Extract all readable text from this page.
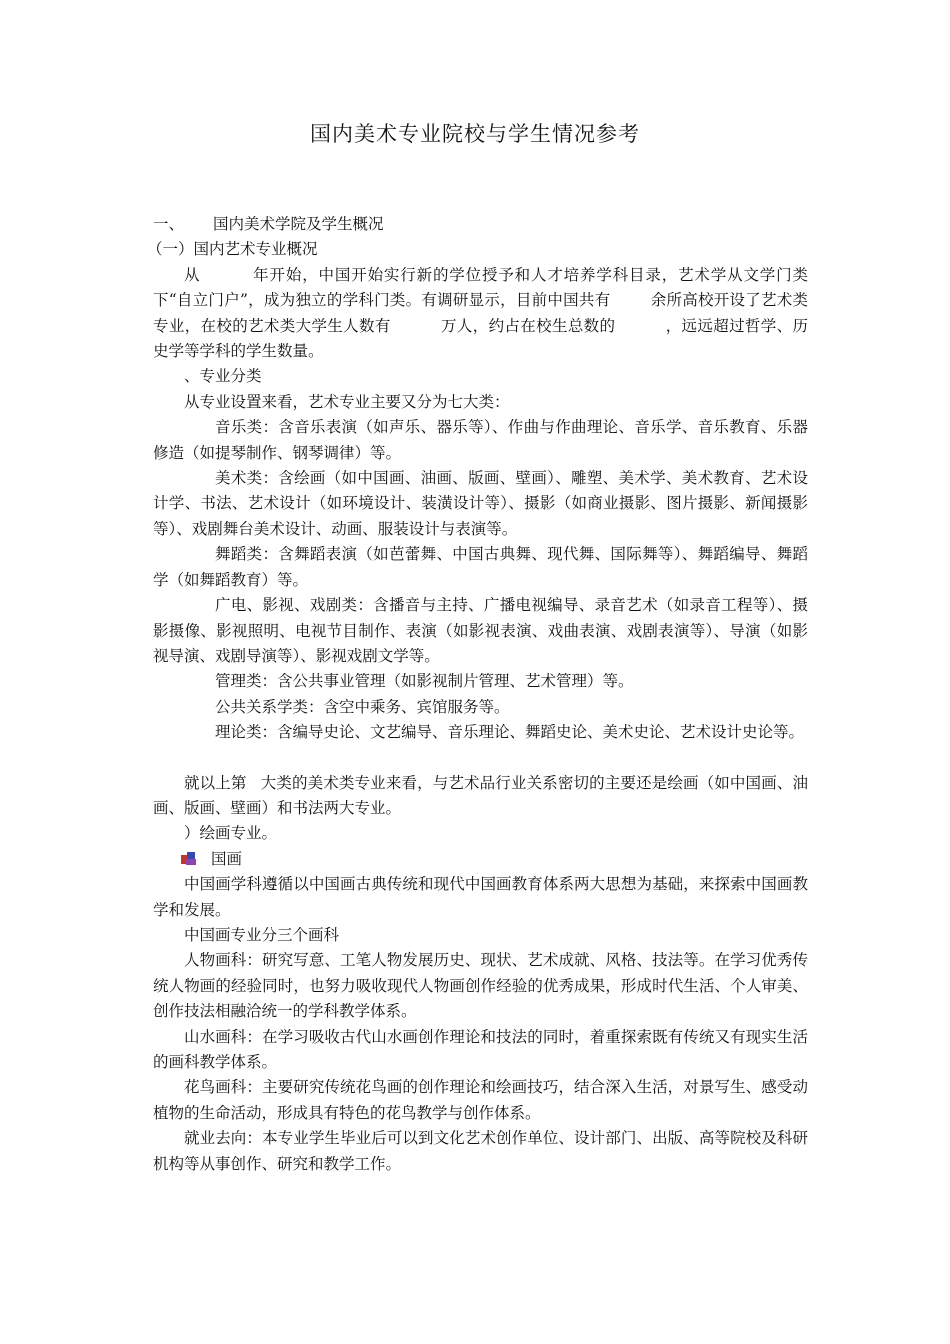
国内美术专业院校与学生情况参考

一、	国内美术学院及学生概况

（一）国内艺术专业概况

从	年开始，中国开始实行新的学位授予和人才培养学科目录，艺术学从文学门类下“自立门户”，成为独立的学科门类。有调研显示，目前中国共有	余所高校开设了艺术类专业，在校的艺术类大学生人数有	万人，约占在校生总数的	，远远超过哲学、历史学等学科的学生数量。

、专业分类

从专业设置来看，艺术专业主要又分为七大类：

音乐类：含音乐表演（如声乐、器乐等）、作曲与作曲理论、音乐学、音乐教育、乐器修造（如提琴制作、钢琴调律）等。

美术类：含绘画（如中国画、油画、版画、壁画）、雕塑、美术学、美术教育、艺术设计学、书法、艺术设计（如环境设计、装潢设计等）、摄影（如商业摄影、图片摄影、新闻摄影等）、戏剧舞台美术设计、动画、服装设计与表演等。

舞蹈类：含舞蹈表演（如芭蕾舞、中国古典舞、现代舞、国际舞等）、舞蹈编导、舞蹈学（如舞蹈教育）等。

广电、影视、戏剧类：含播音与主持、广播电视编导、录音艺术（如录音工程等）、摄影摄像、影视照明、电视节目制作、表演（如影视表演、戏曲表演、戏剧表演等）、导演（如影视导演、戏剧导演等）、影视戏剧文学等。

管理类：含公共事业管理（如影视制片管理、艺术管理）等。

公共关系学类：含空中乘务、宾馆服务等。

理论类：含编导史论、文艺编导、音乐理论、舞蹈史论、美术史论、艺术设计史论等。

就以上第 大类的美术类专业来看，与艺术品行业关系密切的主要还是绘画（如中国画、油画、版画、壁画）和书法两大专业。

）绘画专业。

国画

中国画学科遵循以中国画古典传统和现代中国画教育体系两大思想为基础，来探索中国画教学和发展。

中国画专业分三个画科

人物画科：研究写意、工笔人物发展历史、现状、艺术成就、风格、技法等。在学习优秀传统人物画的经验同时，也努力吸收现代人物画创作经验的优秀成果，形成时代生活、个人审美、创作技法相融洽统一的学科教学体系。

山水画科：在学习吸收古代山水画创作理论和技法的同时，着重探索既有传统又有现实生活的画科教学体系。

花鸟画科：主要研究传统花鸟画的创作理论和绘画技巧，结合深入生活，对景写生、感受动植物的生命活动，形成具有特色的花鸟教学与创作体系。

就业去向：本专业学生毕业后可以到文化艺术创作单位、设计部门、出版、高等院校及科研机构等从事创作、研究和教学工作。
